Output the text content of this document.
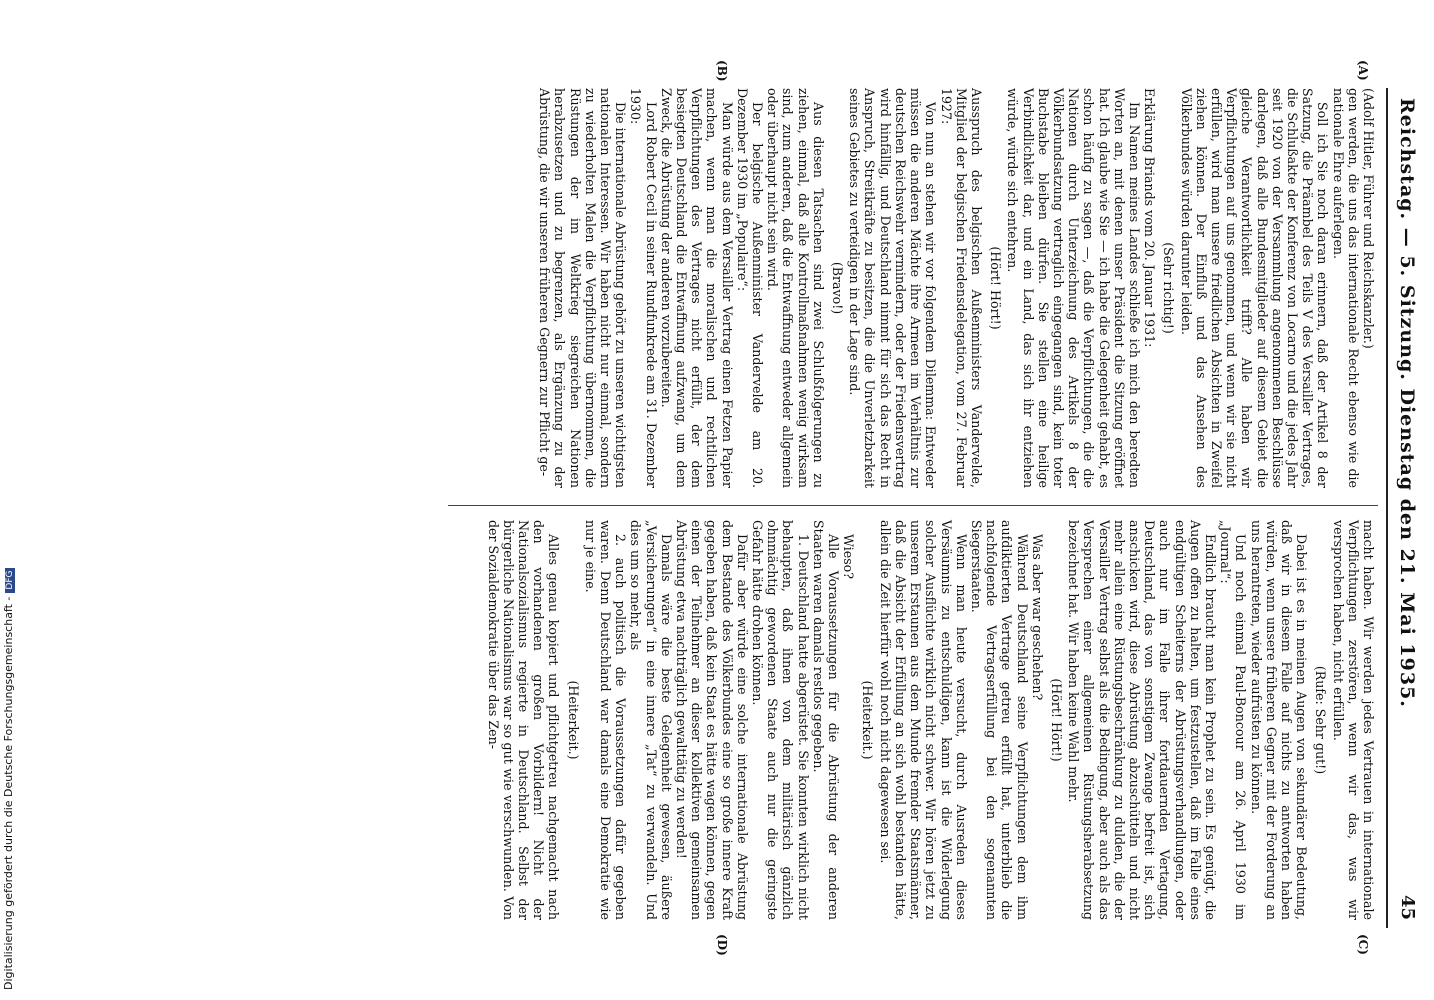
Reichstag. — 5. Sitzung. Dienstag den 21. Mai 1935.
45

(Adolf Hitler, Führer und Reichskanzler.)

gen werden, die uns das internationale Recht ebenso wie die nationale Ehre auferlegen.

Soll ich Sie noch daran erinnern, daß der Artikel 8 der Satzung, die Präambel des Teils V des Versailler Vertrages, die Schlußakte der Konferenz von Locarno und die jedes Jahr seit 1920 von der Versammlung angenommenen Beschlüsse darlegen, daß alle Bundesmitglieder auf diesem Gebiet die gleiche Verantwortlichkeit trifft? Alle haben wir Verpflichtungen auf uns genommen, und wenn wir sie nicht erfüllen, wird man unsere friedlichen Absichten in Zweifel ziehen können. Der Einfluß und das Ansehen des Völkerbundes würden darunter leiden.

(Sehr richtig!)

Erklärung Briands vom 20. Januar 1931:

Im Namen meines Landes schließe ich mich den beredten Worten an, mit denen unser Präsident die Sitzung eröffnet hat. Ich glaube wie Sie — ich habe die Gelegenheit gehabt, es schon häufig zu sagen —, daß die Verpflichtungen, die die Nationen durch Unterzeichnung des Artikels 8 der Völkerbundsatzung vertraglich eingegangen sind, kein toter Buchstabe bleiben dürfen. Sie stellen eine heilige Verbindlichkeit dar, und ein Land, das sich ihr entziehen würde, würde sich entehren.

(Hört! Hört!)

Ausspruch des belgischen Außenministers Vandervelde, Mitglied der belgischen Friedensdelegation, vom 27. Februar 1927:

Von nun an stehen wir vor folgendem Dilemma: Entweder müssen die anderen Mächte ihre Armeen im Verhältnis zur deutschen Reichswehr vermindern, oder der Friedensvertrag wird hinfällig, und Deutschland nimmt für sich das Recht in Anspruch, Streitkräfte zu besitzen, die die Unverletzbarkeit seines Gebietes zu verteidigen in der Lage sind.

(Bravo!)

Aus diesen Tatsachen sind zwei Schlußfolgerungen zu ziehen, einmal, daß alle Kontrollmaßnahmen wenig wirksam sind, zum anderen, daß die Entwaffnung entweder allgemein oder überhaupt nicht sein wird.

Der belgische Außenminister Vandervelde am 20. Dezember 1930 im „Populaire“:

Man würde aus dem Versailler Vertrag einen Fetzen Papier machen, wenn man die moralischen und rechtlichen Verpflichtungen des Vertrages nicht erfüllt, der dem besiegten Deutschland die Entwaffnung aufzwang, um dem Zweck, die Abrüstung der anderen vorzubereiten.

Lord Robert Cecil in seiner Rundfunkrede am 31. Dezember 1930:

Die internationale Abrüstung gehört zu unseren wichtigsten nationalen Interessen. Wir haben nicht nur einmal, sondern zu wiederholten Malen die Verpflichtung übernommen, die Rüstungen der im Weltkrieg siegreichen Nationen herabzusetzen und zu begrenzen, als Ergänzung zu der Abrüstung, die wir unseren früheren Gegnern zur Pflicht ge-

macht haben. Wir werden jedes Vertrauen in internationale Verpflichtungen zerstören, wenn wir das, was wir versprochen haben, nicht erfüllen.

(Rufe: Sehr gut!)

Dabei ist es in meinen Augen von sekundärer Bedeutung, daß wir in diesem Falle auf nichts zu antworten haben würden, wenn unsere früheren Gegner mit der Forderung an uns herantreten, wieder aufrüsten zu können.

Und noch einmal Paul-Boncour am 26. April 1930 im „Journal“:

Endlich braucht man kein Prophet zu sein. Es genügt, die Augen offen zu halten, um festzustellen, daß im Falle eines endgültigen Scheiterns der Abrüstungsverhandlungen, oder auch nur im Falle ihrer fortdauernden Vertagung, Deutschland, das von sonstigem Zwange befreit ist, sich anschicken wird, diese Abrüstung abzuschütteln und nicht mehr allein eine Rüstungsbeschränkung zu dulden, die der Versailler Vertrag selbst als die Bedingung, aber auch als das Versprechen einer allgemeinen Rüstungsherabsetzung bezeichnet hat. Wir haben keine Wahl mehr.

(Hört! Hört!)

Was aber war geschehen?

Während Deutschland seine Verpflichtungen dem ihm aufdiktierten Vertrage getreu erfüllt hat, unterblieb die nachfolgende Vertragserfüllung bei den sogenannten Siegerstaaten.

Wenn man heute versucht, durch Ausreden dieses Versäumnis zu entschuldigen, kann ist die Widerlegung solcher Ausflüchte wirklich nicht schwer. Wir hören jetzt zu unserem Erstaunen aus dem Munde fremder Staatsmänner, daß die Absicht der Erfüllung an sich wohl bestanden hätte, allein die Zeit hierfür wohl noch nicht dagewesen sei.

(Heiterkeit.)

Wieso?

Alle Voraussetzungen für die Abrüstung der anderen Staaten waren damals restlos gegeben.

1. Deutschland hatte abgerüstet. Sie konnten wirklich nicht behaupten, daß ihnen von dem militärisch gänzlich ohnmächtig gewordenen Staate auch nur die geringste Gefahr hätte drohen können.

Dafür aber würde eine solche internationale Abrüstung dem Bestande des Völkerbundes eine so große innere Kraft gegeben haben, daß kein Staat es hätte wagen können, gegen einen der Teilnehmer an dieser kollektiven gemeinsamen Abrüstung etwa nachträglich gewalttätig zu werden!

Damals wäre die beste Gelegenheit gewesen, äußere „Versicherungen“ in eine innere „Tat“ zu verwandeln. Und dies um so mehr, als

2. auch politisch die Voraussetzungen dafür gegeben waren. Denn Deutschland war damals eine Demokratie wie nur je eine.

(Heiterkeit.)

Alles genau kopiert und pflichtgetreu nachgemacht nach den vorhandenen großen Vorbildern! Nicht der Nationalsozialismus regierte in Deutschland. Selbst der bürgerliche Nationalismus war so gut wie verschwunden. Von der Sozialdemokratie über das Zen-

(A)
(B)
(C)
(D)
Digitalisierung gefördert durch die Deutsche Forschungsgemeinschaft -DFG
